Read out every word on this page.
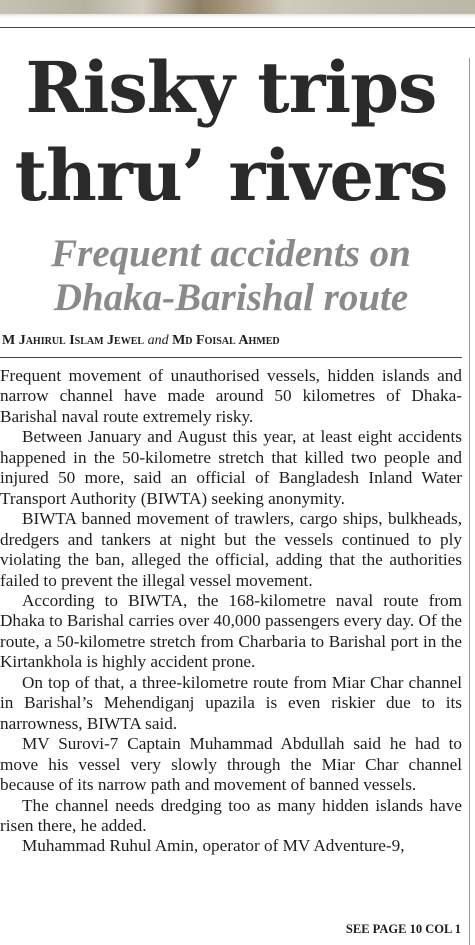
Risky trips
thru’ rivers
Frequent accidents on
Dhaka-Barishal route
M Jahirul Islam Jewel and Md Foisal Ahmed

Frequent movement of unauthorised vessels, hidden islands and narrow channel have made around 50 kilometres of Dhaka-Barishal naval route extremely risky.

Between January and August this year, at least eight accidents happened in the 50-kilometre stretch that killed two people and injured 50 more, said an official of Bangladesh Inland Water Transport Authority (BIWTA) seeking anonymity.

BIWTA banned movement of trawlers, cargo ships, bulkheads, dredgers and tankers at night but the vessels continued to ply violating the ban, alleged the official, adding that the authorities failed to prevent the illegal vessel movement.

According to BIWTA, the 168-kilometre naval route from Dhaka to Barishal carries over 40,000 passengers every day. Of the route, a 50-kilometre stretch from Charbaria to Barishal port in the Kirtankhola is highly accident prone.

On top of that, a three-kilometre route from Miar Char channel in Barishal’s Mehendiganj upazila is even riskier due to its narrowness, BIWTA said.

MV Surovi-7 Captain Muhammad Abdullah said he had to move his vessel very slowly through the Miar Char channel because of its narrow path and movement of banned vessels.

The channel needs dredging too as many hidden islands have risen there, he added.

Muhammad Ruhul Amin, operator of MV Adventure-9,

SEE PAGE 10 COL 1
